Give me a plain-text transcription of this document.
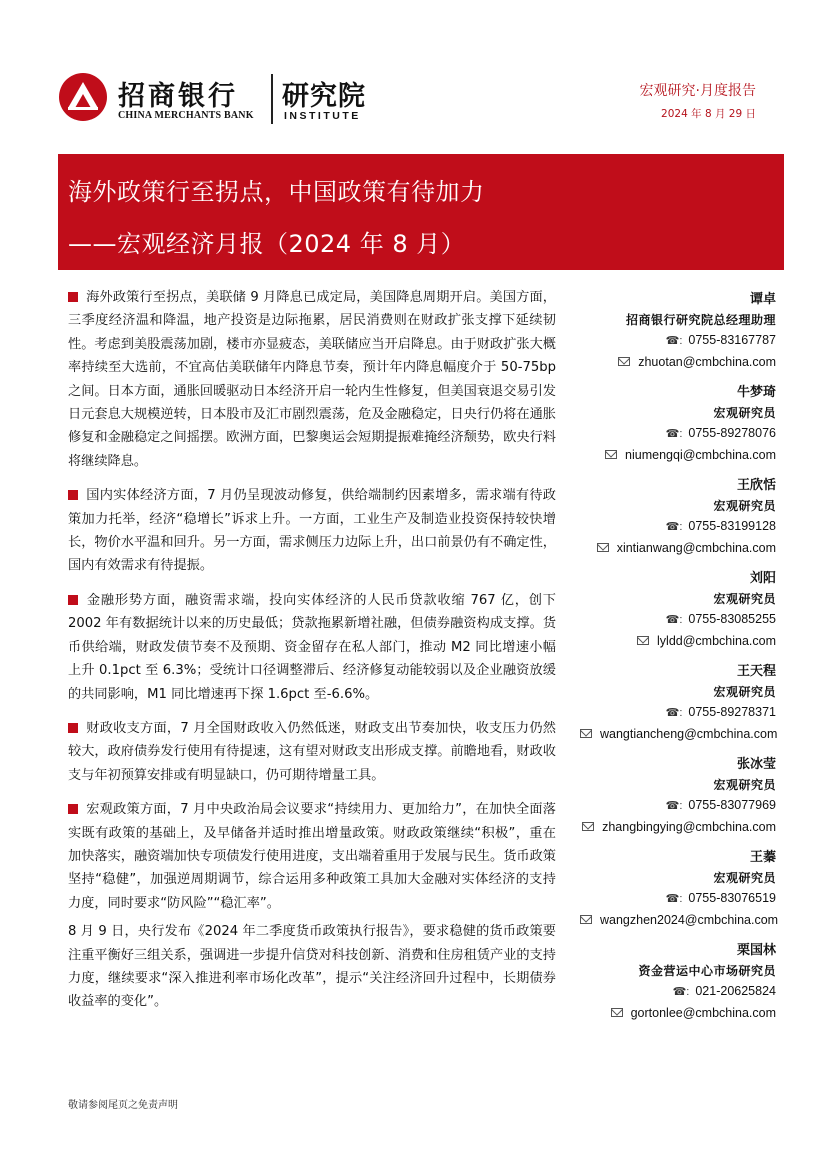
招商银行
CHINA MERCHANTS BANK
研究院
INSTITUTE
宏观研究·月度报告
2024 年 8 月 29 日
海外政策行至拐点，中国政策有待加力
——宏观经济月报（2024 年 8 月）

海外政策行至拐点，美联储 9 月降息已成定局，美国降息周期开启。美国方面，三季度经济温和降温，地产投资是边际拖累，居民消费则在财政扩张支撑下延续韧性。考虑到美股震荡加剧，楼市亦显疲态，美联储应当开启降息。由于财政扩张大概率持续至大选前，不宜高估美联储年内降息节奏，预计年内降息幅度介于 50-75bp 之间。日本方面，通胀回暖驱动日本经济开启一轮内生性修复，但美国衰退交易引发日元套息大规模逆转，日本股市及汇市剧烈震荡，危及金融稳定，日央行仍将在通胀修复和金融稳定之间摇摆。欧洲方面，巴黎奥运会短期提振难掩经济颓势，欧央行料将继续降息。

国内实体经济方面，7 月仍呈现波动修复，供给端制约因素增多，需求端有待政策加力托举，经济“稳增长”诉求上升。一方面，工业生产及制造业投资保持较快增长，物价水平温和回升。另一方面，需求侧压力边际上升，出口前景仍有不确定性，国内有效需求有待提振。

金融形势方面，融资需求端，投向实体经济的人民币贷款收缩 767 亿，创下 2002 年有数据统计以来的历史最低；贷款拖累新增社融，但债券融资构成支撑。货币供给端，财政发债节奏不及预期、资金留存在私人部门，推动 M2 同比增速小幅上升 0.1pct 至 6.3%；受统计口径调整滞后、经济修复动能较弱以及企业融资放缓的共同影响，M1 同比增速再下探 1.6pct 至-6.6%。

财政收支方面，7 月全国财政收入仍然低迷，财政支出节奏加快，收支压力仍然较大，政府债券发行使用有待提速，这有望对财政支出形成支撑。前瞻地看，财政收支与年初预算安排或有明显缺口，仍可期待增量工具。

宏观政策方面，7 月中央政治局会议要求“持续用力、更加给力”，在加快全面落实既有政策的基础上，及早储备并适时推出增量政策。财政政策继续“积极”，重在加快落实，融资端加快专项债发行使用进度，支出端着重用于发展与民生。货币政策坚持“稳健”，加强逆周期调节，综合运用多种政策工具加大金融对实体经济的支持力度，同时要求“防风险”“稳汇率”。

8 月 9 日，央行发布《2024 年二季度货币政策执行报告》，要求稳健的货币政策要注重平衡好三组关系，强调进一步提升信贷对科技创新、消费和住房租赁产业的支持力度，继续要求“深入推进利率市场化改革”，提示“关注经济回升过程中，长期债券收益率的变化”。

谭卓
招商银行研究院总经理助理
☎: 0755-83167787
zhuotan@cmbchina.com
牛梦琦
宏观研究员
☎: 0755-89278076
niumengqi@cmbchina.com
王欣恬
宏观研究员
☎: 0755-83199128
xintianwang@cmbchina.com
刘阳
宏观研究员
☎: 0755-83085255
lyldd@cmbchina.com
王天程
宏观研究员
☎: 0755-89278371
wangtiancheng@cmbchina.com
张冰莹
宏观研究员
☎: 0755-83077969
zhangbingying@cmbchina.com
王蓁
宏观研究员
☎: 0755-83076519
wangzhen2024@cmbchina.com
栗国林
资金营运中心市场研究员
☎: 021-20625824
gortonlee@cmbchina.com
敬请参阅尾页之免责声明
